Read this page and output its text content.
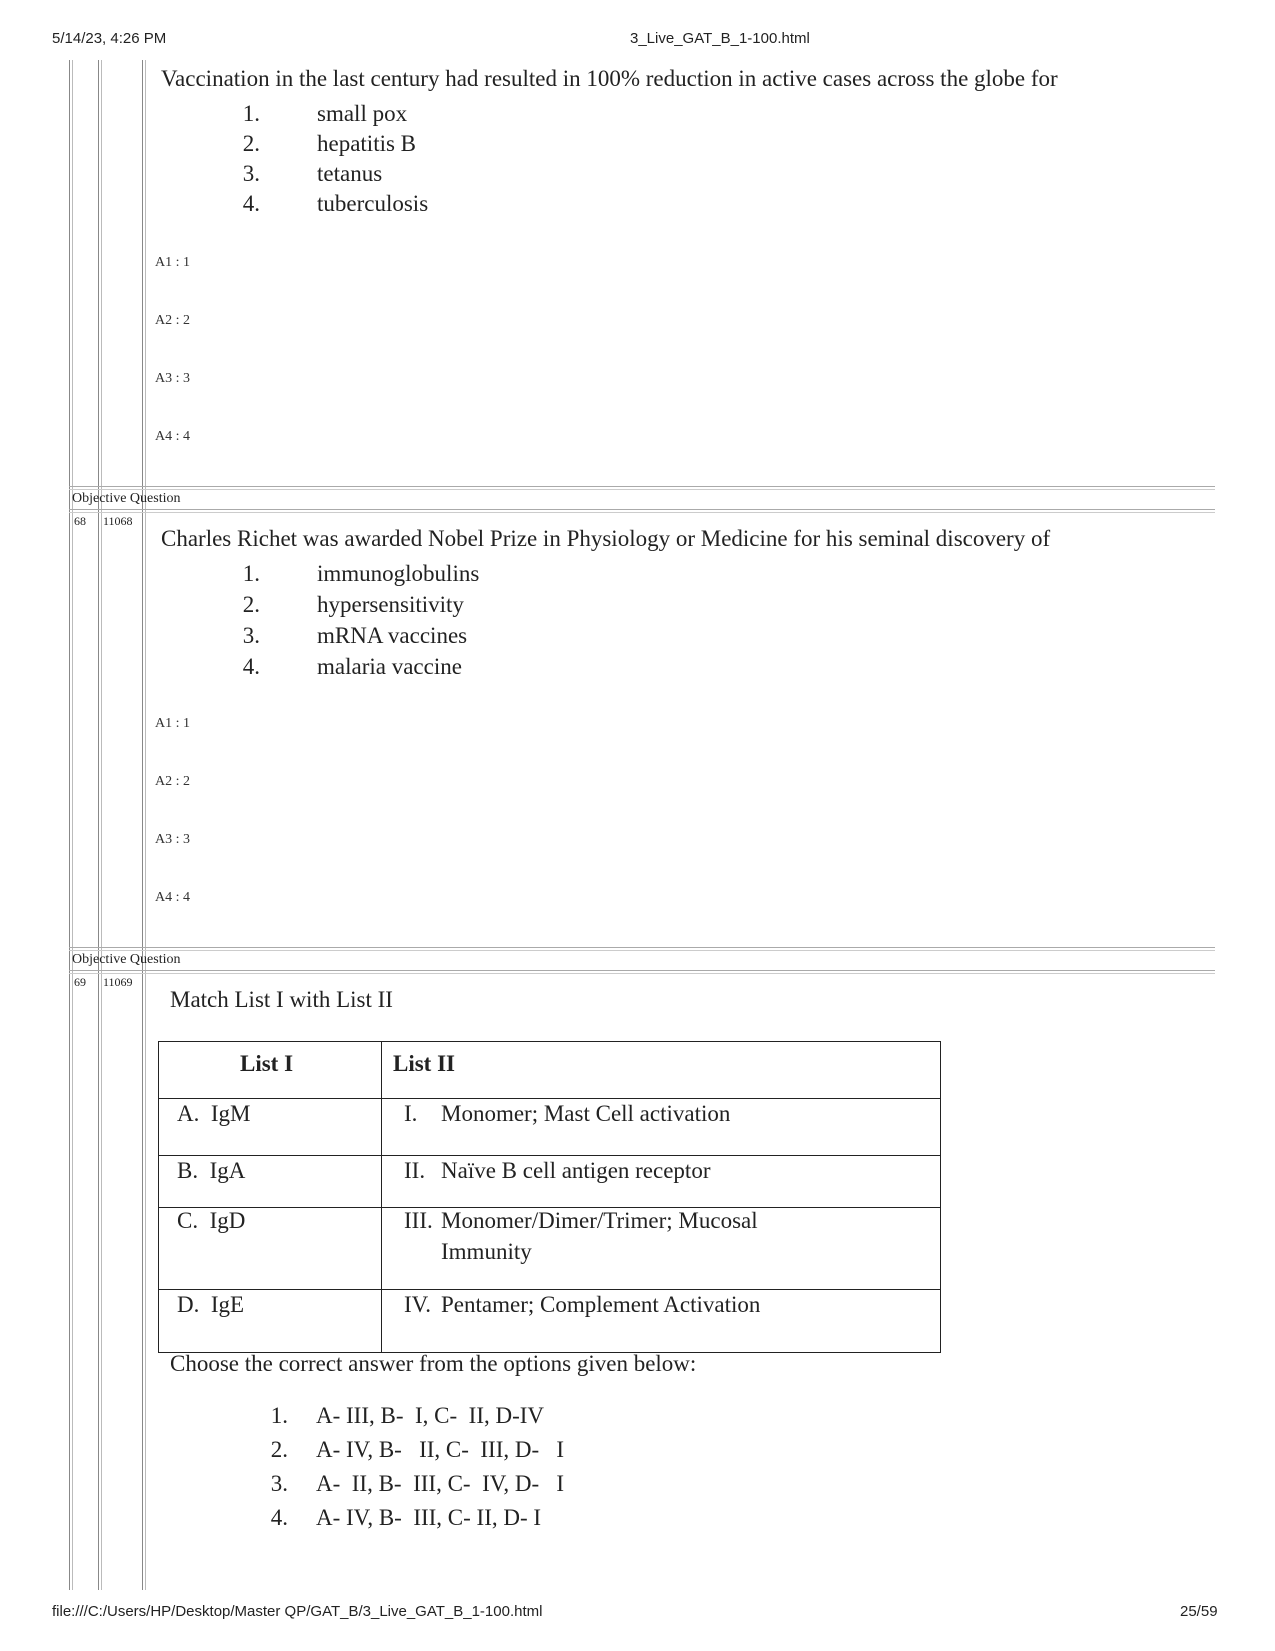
5/14/23, 4:26 PM	3_Live_GAT_B_1-100.html
Vaccination in the last century had resulted in 100% reduction in active cases across the globe for
1. small pox
2. hepatitis B
3. tetanus
4. tuberculosis
A1 : 1
A2 : 2
A3 : 3
A4 : 4
Objective Question
68 11068
Charles Richet was awarded Nobel Prize in Physiology or Medicine for his seminal discovery of
1. immunoglobulins
2. hypersensitivity
3. mRNA vaccines
4. malaria vaccine
A1 : 1
A2 : 2
A3 : 3
A4 : 4
Objective Question
69 11069
Match List I with List II
List I	List II
A.  IgM	I. Monomer; Mast Cell activation
B.  IgA	II. Naïve B cell antigen receptor
C.  IgD	III. Monomer/Dimer/Trimer; Mucosal
Immunity
D.  IgE	IV. Pentamer; Complement Activation
Choose the correct answer from the options given below:
1. A- III, B-  I, C-  II, D-IV
2. A- IV, B-   II, C-  III, D-   I
3. A-  II, B-  III, C-  IV, D-   I
4. A- IV, B-  III, C- II, D- I
file:///C:/Users/HP/Desktop/Master QP/GAT_B/3_Live_GAT_B_1-100.html	25/59
